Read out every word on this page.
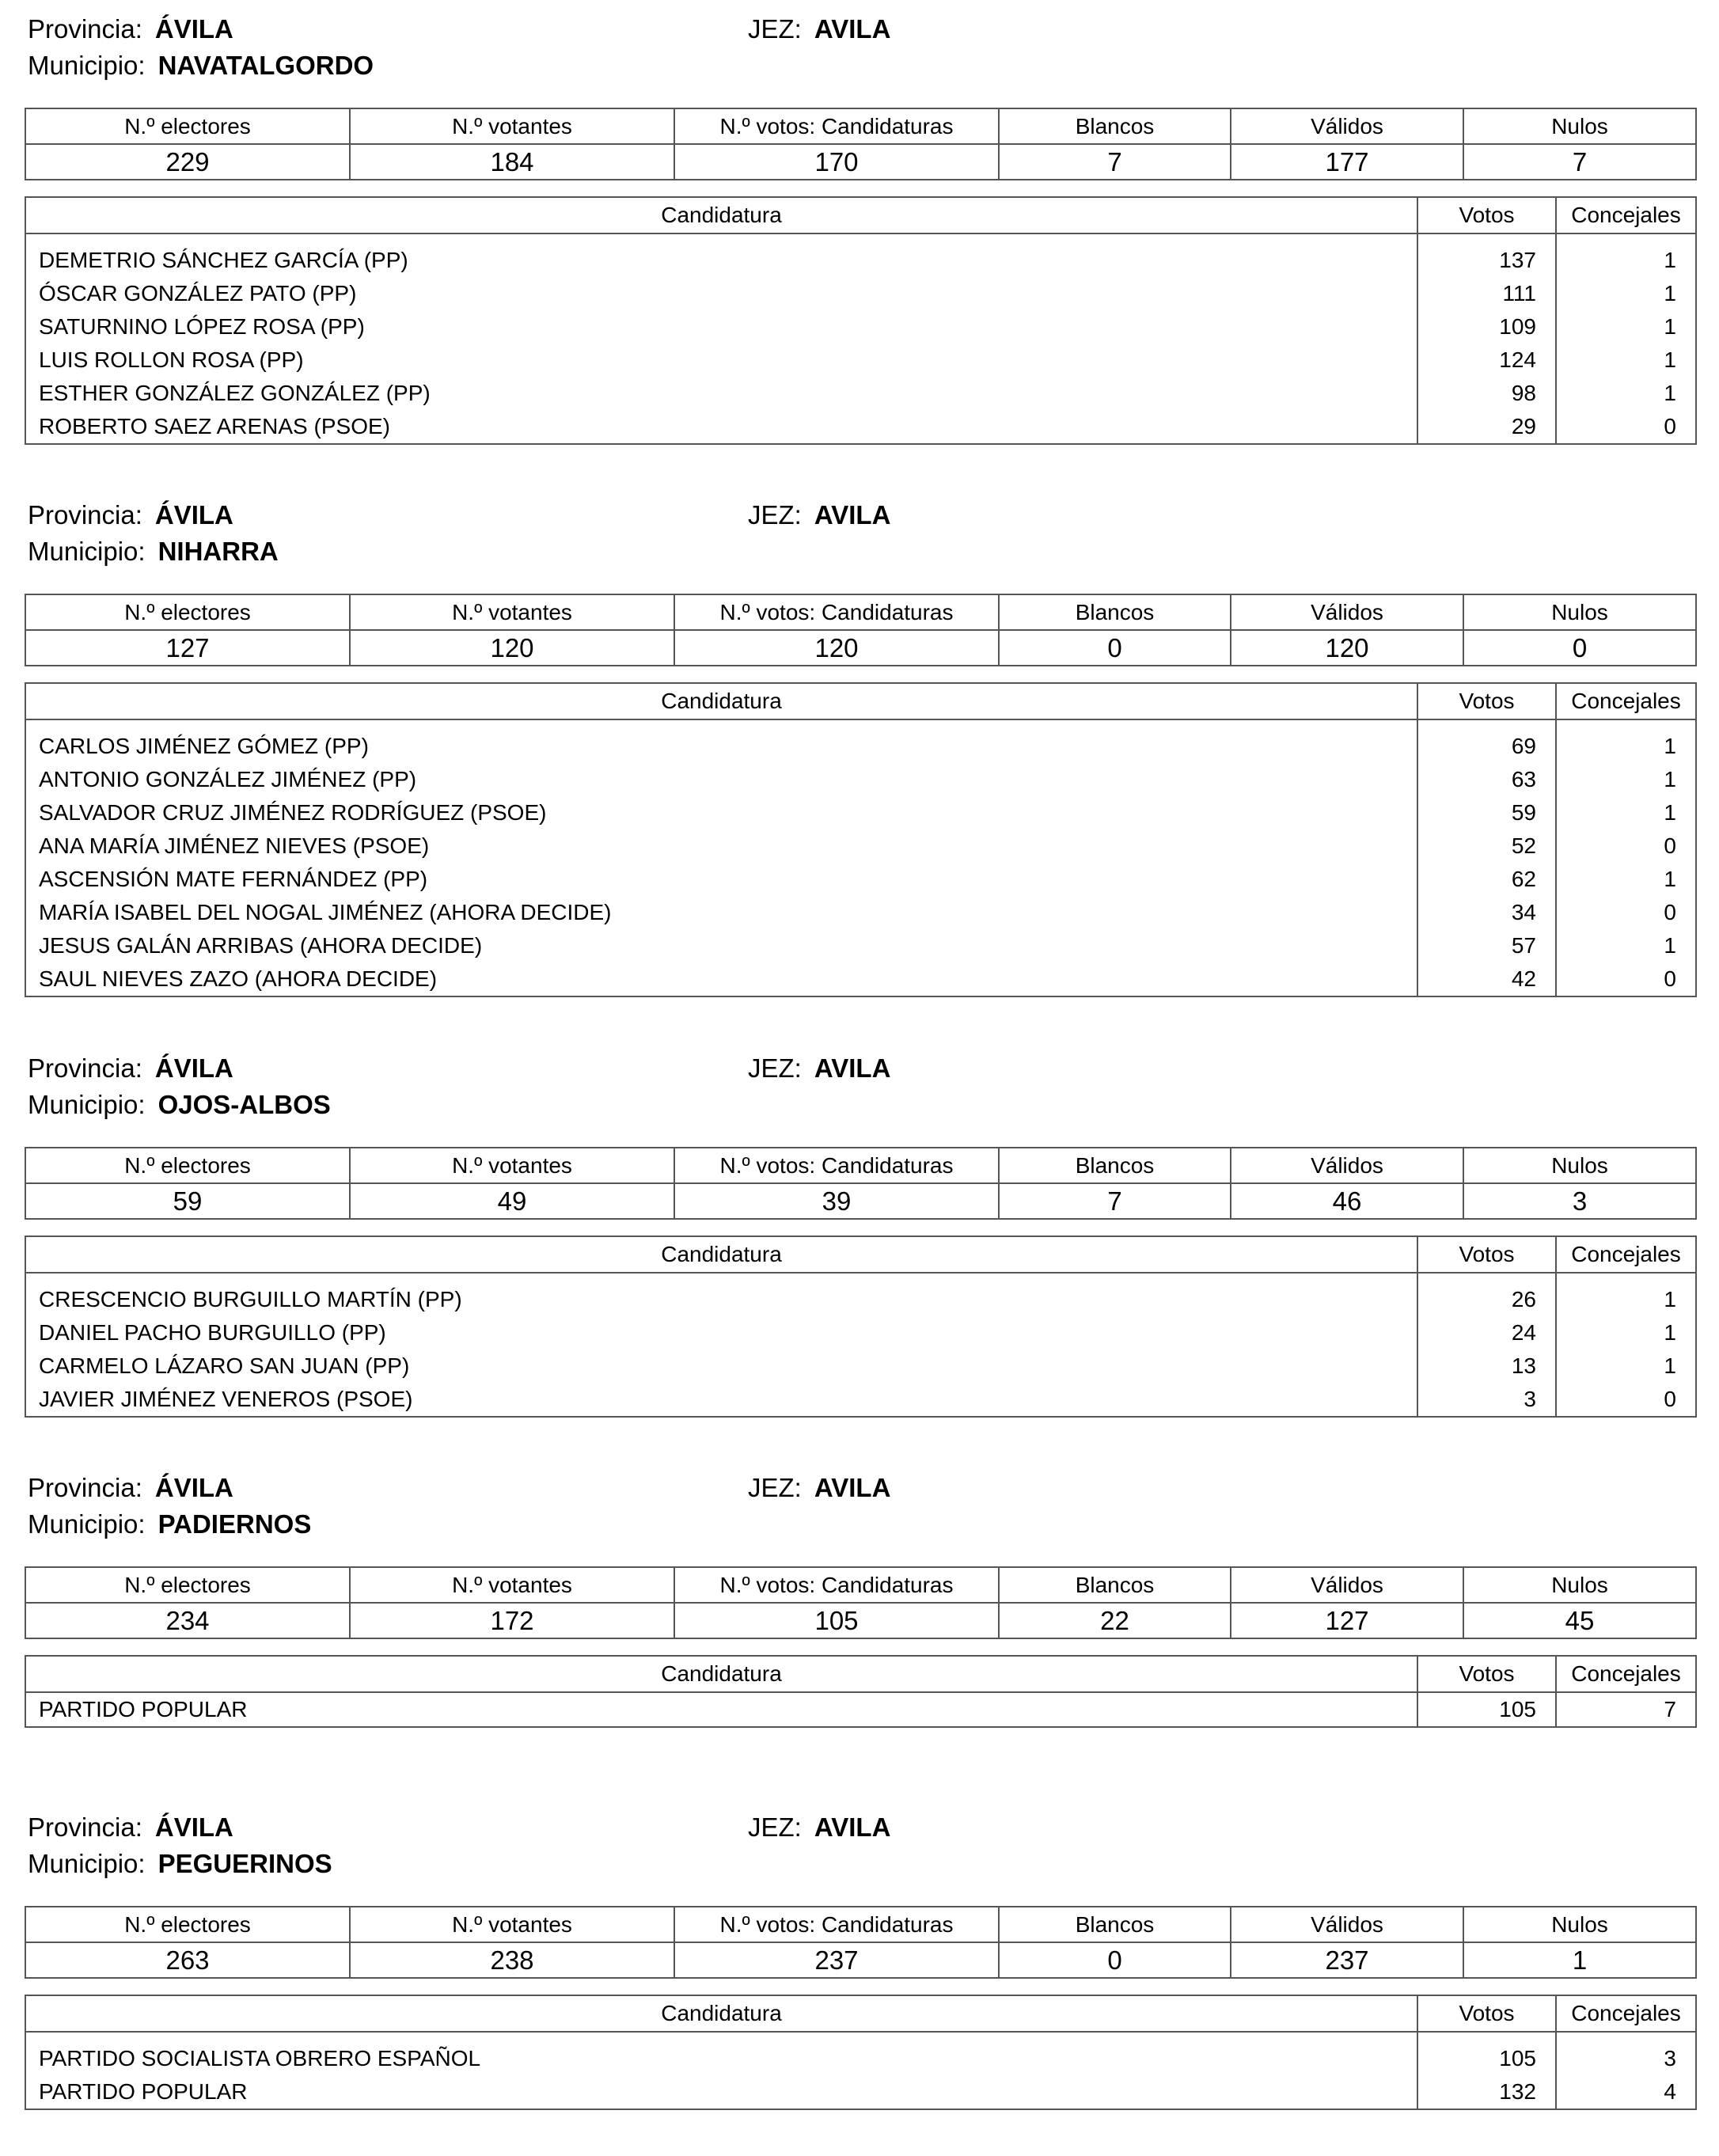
Provincia: ÁVILA	JEZ: AVILA
Municipio: NAVATALGORDO
N.º electores	N.º votantes	N.º votos: Candidaturas	Blancos	Válidos	Nulos
229	184	170	7	177	7
Candidatura	Votos	Concejales

DEMETRIO SÁNCHEZ GARCÍA (PP)	137	1
ÓSCAR GONZÁLEZ PATO (PP)	111	1
SATURNINO LÓPEZ ROSA (PP)	109	1
LUIS ROLLON ROSA (PP)	124	1
ESTHER GONZÁLEZ GONZÁLEZ (PP)	98	1
ROBERTO SAEZ ARENAS (PSOE)	29	0
Provincia: ÁVILA	JEZ: AVILA
Municipio: NIHARRA
N.º electores	N.º votantes	N.º votos: Candidaturas	Blancos	Válidos	Nulos
127	120	120	0	120	0
Candidatura	Votos	Concejales

CARLOS JIMÉNEZ GÓMEZ (PP)	69	1
ANTONIO GONZÁLEZ JIMÉNEZ (PP)	63	1
SALVADOR CRUZ JIMÉNEZ RODRÍGUEZ (PSOE)	59	1
ANA MARÍA JIMÉNEZ NIEVES (PSOE)	52	0
ASCENSIÓN MATE FERNÁNDEZ (PP)	62	1
MARÍA ISABEL DEL NOGAL JIMÉNEZ (AHORA DECIDE)	34	0
JESUS GALÁN ARRIBAS (AHORA DECIDE)	57	1
SAUL NIEVES ZAZO (AHORA DECIDE)	42	0
Provincia: ÁVILA	JEZ: AVILA
Municipio: OJOS-ALBOS
N.º electores	N.º votantes	N.º votos: Candidaturas	Blancos	Válidos	Nulos
59	49	39	7	46	3
Candidatura	Votos	Concejales

CRESCENCIO BURGUILLO MARTÍN (PP)	26	1
DANIEL PACHO BURGUILLO (PP)	24	1
CARMELO LÁZARO SAN JUAN (PP)	13	1
JAVIER JIMÉNEZ VENEROS (PSOE)	3	0
Provincia: ÁVILA	JEZ: AVILA
Municipio: PADIERNOS
N.º electores	N.º votantes	N.º votos: Candidaturas	Blancos	Válidos	Nulos
234	172	105	22	127	45
Candidatura	Votos	Concejales
PARTIDO POPULAR	105	7
Provincia: ÁVILA	JEZ: AVILA
Municipio: PEGUERINOS
N.º electores	N.º votantes	N.º votos: Candidaturas	Blancos	Válidos	Nulos
263	238	237	0	237	1
Candidatura	Votos	Concejales

PARTIDO SOCIALISTA OBRERO ESPAÑOL	105	3
PARTIDO POPULAR	132	4
